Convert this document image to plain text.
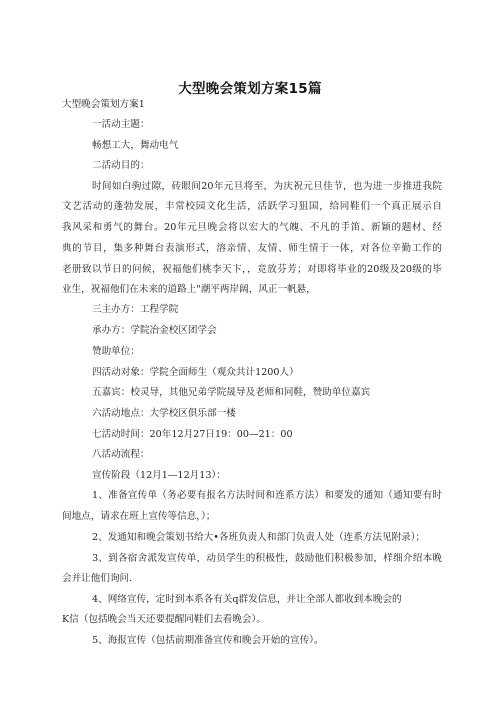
大型晚会策划方案15篇
大型晚会策划方案1
一活动主题：
畅想工大，舞动电气
二活动目的：
时间如白驹过隙，砖眼间20年元旦将至，为庆祝元旦佳节，也为进一步推进我院
文艺活动的蓬勃发展，丰常校园文化生活，活跃学习狙国，给同鞋们一个真正展示自
我风采和勇气的舞台。20年元旦晚会将以宏大的气魄、不凡的手笛、新颖的题材、经
典的节目，集多种舞台表演形式，溶亲情、友情、师生情于一体，对各位辛勤工作的
老册致以节日的问候，祝福他们桃李天卞，，竞放芬芳；对即将毕业的20级及20级的毕
业生，祝福他们在未来的道路上"潮平两岸阔，风正一帆悬，
三主办方：工程学院
承办方：学院冶金校区团学会
赞助单位：
四活动对象：学院全面师生（观众共计1200人）
五嘉宾：校灵导，其他兄弟学院晟导及老师和同鞋，赞助单位嘉宾
六活动地点：大学校区俱乐部一楼
七活动时间：20年12月27日19：00—21：00
八活动流程：
宣传阶段（12月1—12月13）：
1、准备宣传单（务必要有报名方法时间和连系方法）和要发的通知（通知要有时
间地点，请求在班上宣传等信息，）；
2、发通知和晚会策划书给大•各班负责人和部门负责人处（连系方法见附录）；
3、到各宿舍派发宣传单，动员学生的积极性，鼓励他们积极参加，样细介绍本晚
会并让他们询问.
4、网络宣传，定时到本系各有关q群发信息，并让全部人都收到本晚会的
K信（包括晚会当天还要提醒同鞋们去看晚会）。
5、海报宣传（包括前期准备宣传和晚会开始的宣传）。
